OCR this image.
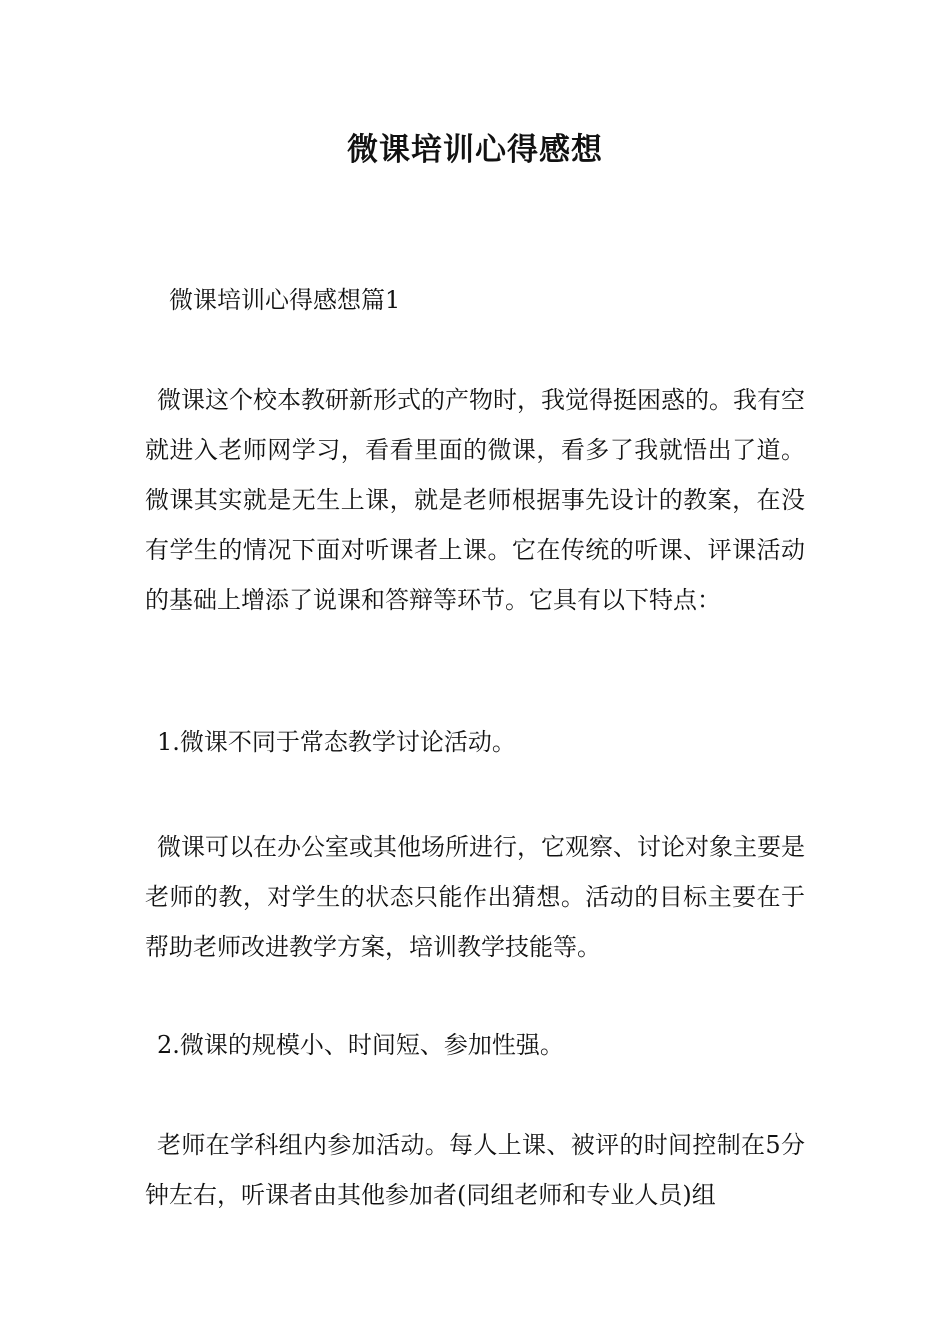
微课培训心得感想
微课培训心得感想篇1
微课这个校本教研新形式的产物时，我觉得挺困惑的。我有空就进入老师网学习，看看里面的微课，看多了我就悟出了道。微课其实就是无生上课，就是老师根据事先设计的教案，在没有学生的情况下面对听课者上课。它在传统的听课、评课活动的基础上增添了说课和答辩等环节。它具有以下特点：
1.微课不同于常态教学讨论活动。
微课可以在办公室或其他场所进行，它观察、讨论对象主要是老师的教，对学生的状态只能作出猜想。活动的目标主要在于帮助老师改进教学方案，培训教学技能等。
2.微课的规模小、时间短、参加性强。
老师在学科组内参加活动。每人上课、被评的时间控制在5分钟左右，听课者由其他参加者(同组老师和专业人员)组
